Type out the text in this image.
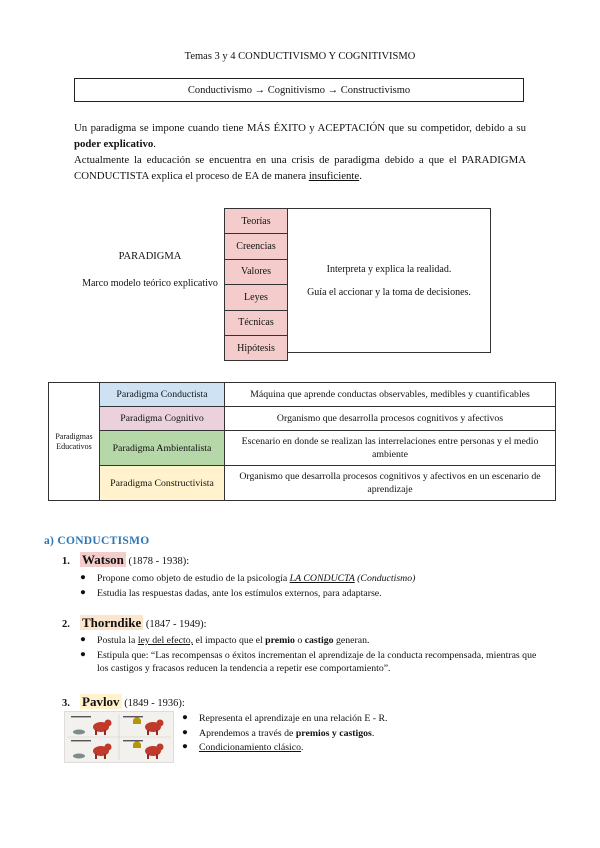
Temas 3 y 4 CONDUCTIVISMO Y COGNITIVISMO
Conductivismo → Cognitivismo → Constructivismo

Un paradigma se impone cuando tiene MÁS ÉXITO y ACEPTACIÓN que su competidor, debido a su poder explicativo.

Actualmente la educación se encuentra en una crisis de paradigma debido a que el PARADIGMA CONDUCTISTA explica el proceso de EA de manera insuficiente.

PARADIGMA
Marco modelo teórico explicativo
Teorías
Creencias
Valores
Leyes
Técnicas
Hipótesis
Interpreta y explica la realidad.
Guía el accionar y la toma de decisiones.
Paradigmas Educativos	Paradigma Conductista	Máquina que aprende conductas observables, medibles y cuantificables
	Paradigma Cognitivo	Organismo que desarrolla procesos cognitivos y afectivos
	Paradigma Ambientalista	Escenario en donde se realizan las interrelaciones entre personas y el medio ambiente
	Paradigma Constructivista	Organismo que desarrolla procesos cognitivos y afectivos en un escenario de aprendizaje
a) CONDUCTISMO
1. Watson (1878 - 1938):
● Propone como objeto de estudio de la psicología LA CONDUCTA (Conductismo)
● Estudia las respuestas dadas, ante los estímulos externos, para adaptarse.
2. Thorndike (1847 - 1949):
● Postula la ley del efecto, el impacto que el premio o castigo generan.
● Estipula que: “Las recompensas o éxitos incrementan el aprendizaje de la conducta recompensada, mientras que los castigos y fracasos reducen la tendencia a repetir ese comportamiento”.
3. Pavlov (1849 - 1936):
● Representa el aprendizaje en una relación E - R.
● Aprendemos a través de premios y castigos.
● Condicionamiento clásico.
